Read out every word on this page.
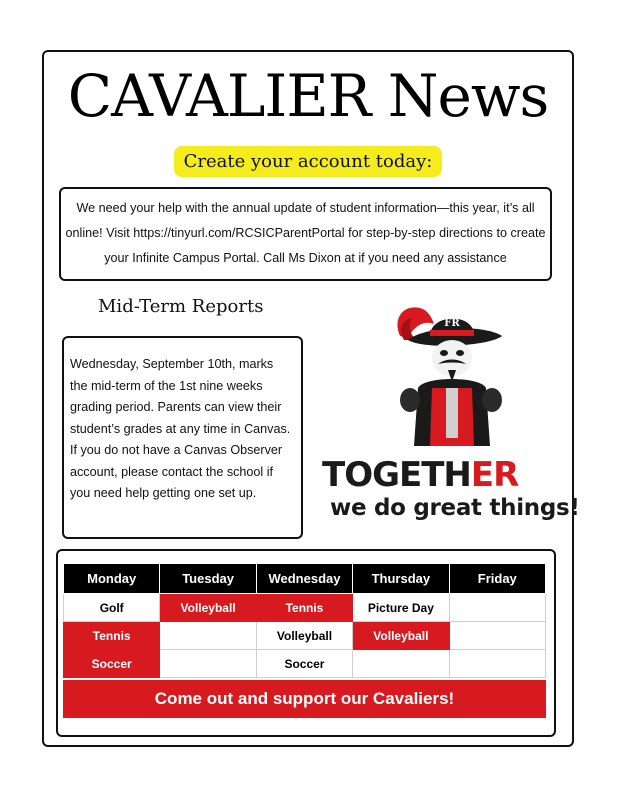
CAVALIER News
Create your account today:
We need your help with the annual update of student information—this year, it’s all online! Visit https://tinyurl.com/RCSICParentPortal for step-by-step directions to create your Infinite Campus Portal. Call Ms Dixon at if you need any assistance
Mid-Term Reports
Wednesday, September 10th, marks the mid-term of the 1st nine weeks grading period. Parents can view their student’s grades at any time in Canvas. If you do not have a Canvas Observer account, please contact the school if you need help getting one set up.
FR
TOGETHER
we do great things!
Monday	Tuesday	Wednesday	Thursday	Friday
Golf	Volleyball	Tennis	Picture Day	
Tennis		Volleyball	Volleyball	
Soccer		Soccer		
Come out and support our Cavaliers!
